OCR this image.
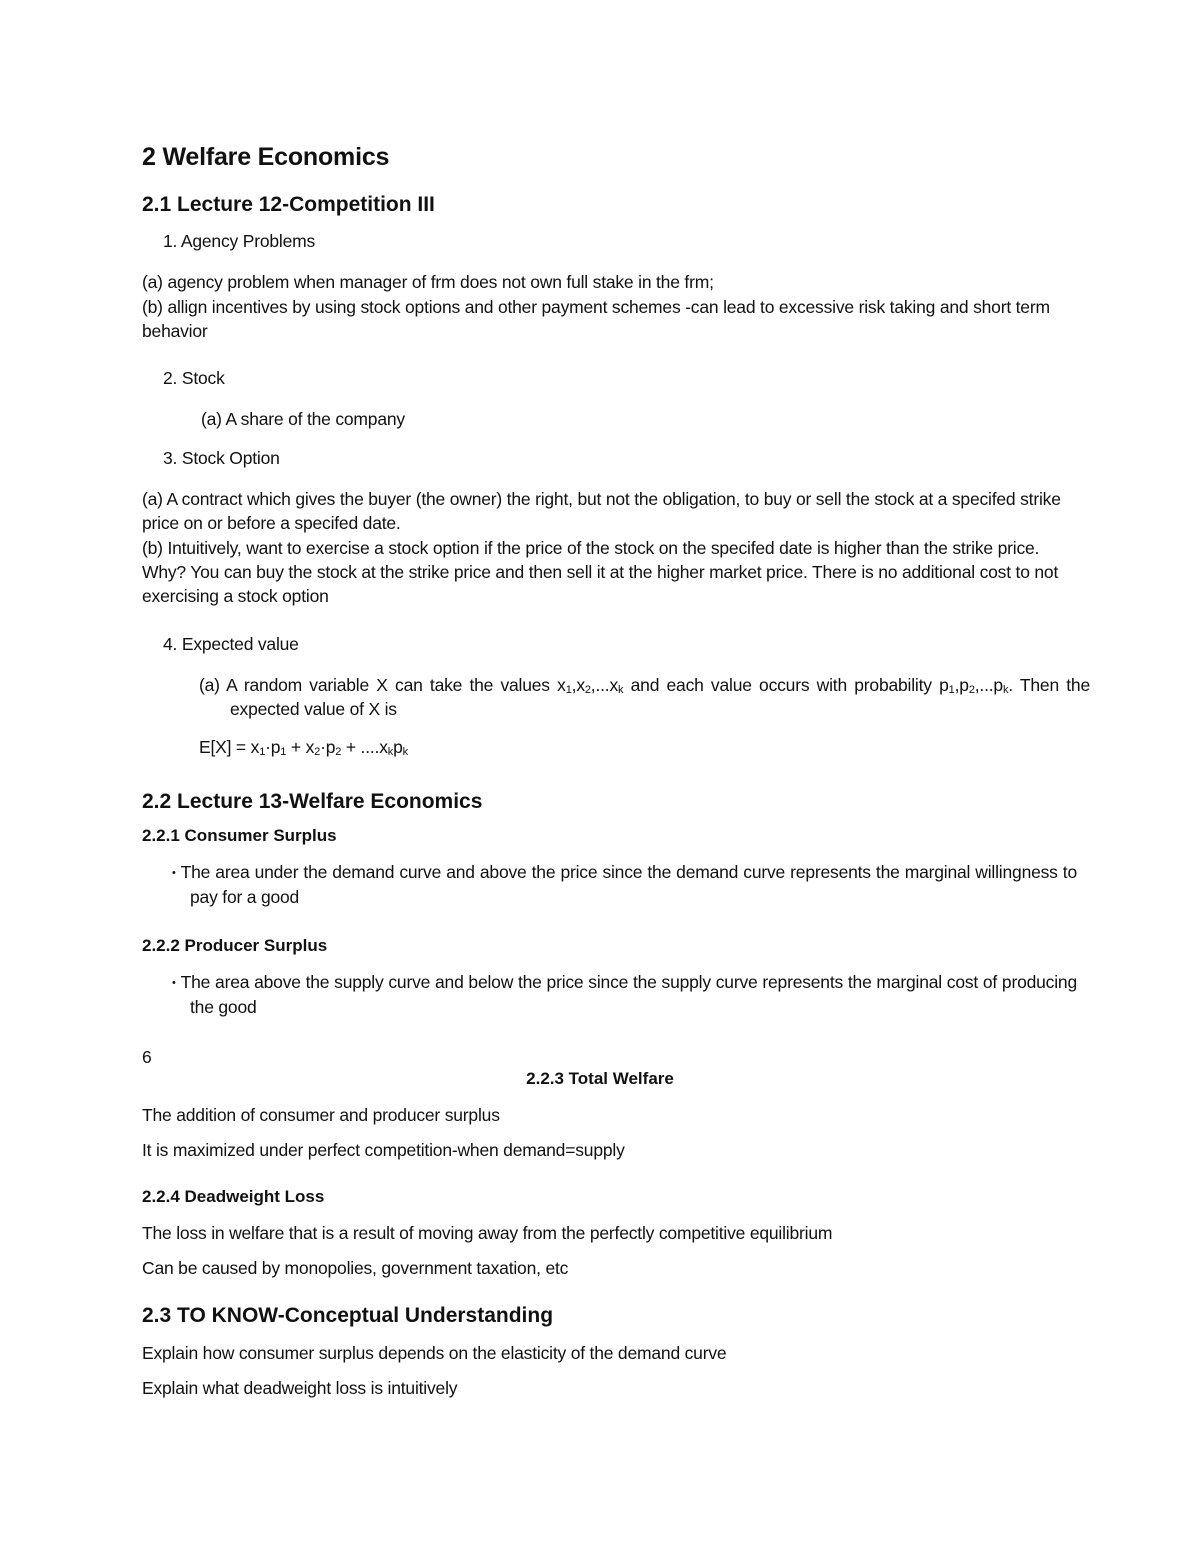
2 Welfare Economics
2.1 Lecture 12-Competition III
1. Agency Problems
(a) agency problem when manager of frm does not own full stake in the frm;
(b) allign incentives by using stock options and other payment schemes -can lead to excessive risk taking and short term behavior
2. Stock
(a) A share of the company
3. Stock Option
(a) A contract which gives the buyer (the owner) the right, but not the obligation, to buy or sell the stock at a specifed strike price on or before a specifed date.
(b) Intuitively, want to exercise a stock option if the price of the stock on the specifed date is higher than the strike price. Why? You can buy the stock at the strike price and then sell it at the higher market price. There is no additional cost to not exercising a stock option
4. Expected value
(a) A random variable X can take the values $x_1,x_2,...x_k$ and each value occurs with probability $p_1,p_2,...p_k$. Then the expected value of X is
$E[X] = x_1\cdot p_1 + x_2\cdot p_2 + ....x_kp_k$
2.2 Lecture 13-Welfare Economics
2.2.1 Consumer Surplus
• The area under the demand curve and above the price since the demand curve represents the marginal willingness to pay for a good
2.2.2 Producer Surplus
• The area above the supply curve and below the price since the supply curve represents the marginal cost of producing the good
6
2.2.3 Total Welfare
The addition of consumer and producer surplus
It is maximized under perfect competition-when demand=supply
2.2.4 Deadweight Loss
The loss in welfare that is a result of moving away from the perfectly competitive equilibrium
Can be caused by monopolies, government taxation, etc
2.3 TO KNOW-Conceptual Understanding
Explain how consumer surplus depends on the elasticity of the demand curve
Explain what deadweight loss is intuitively
